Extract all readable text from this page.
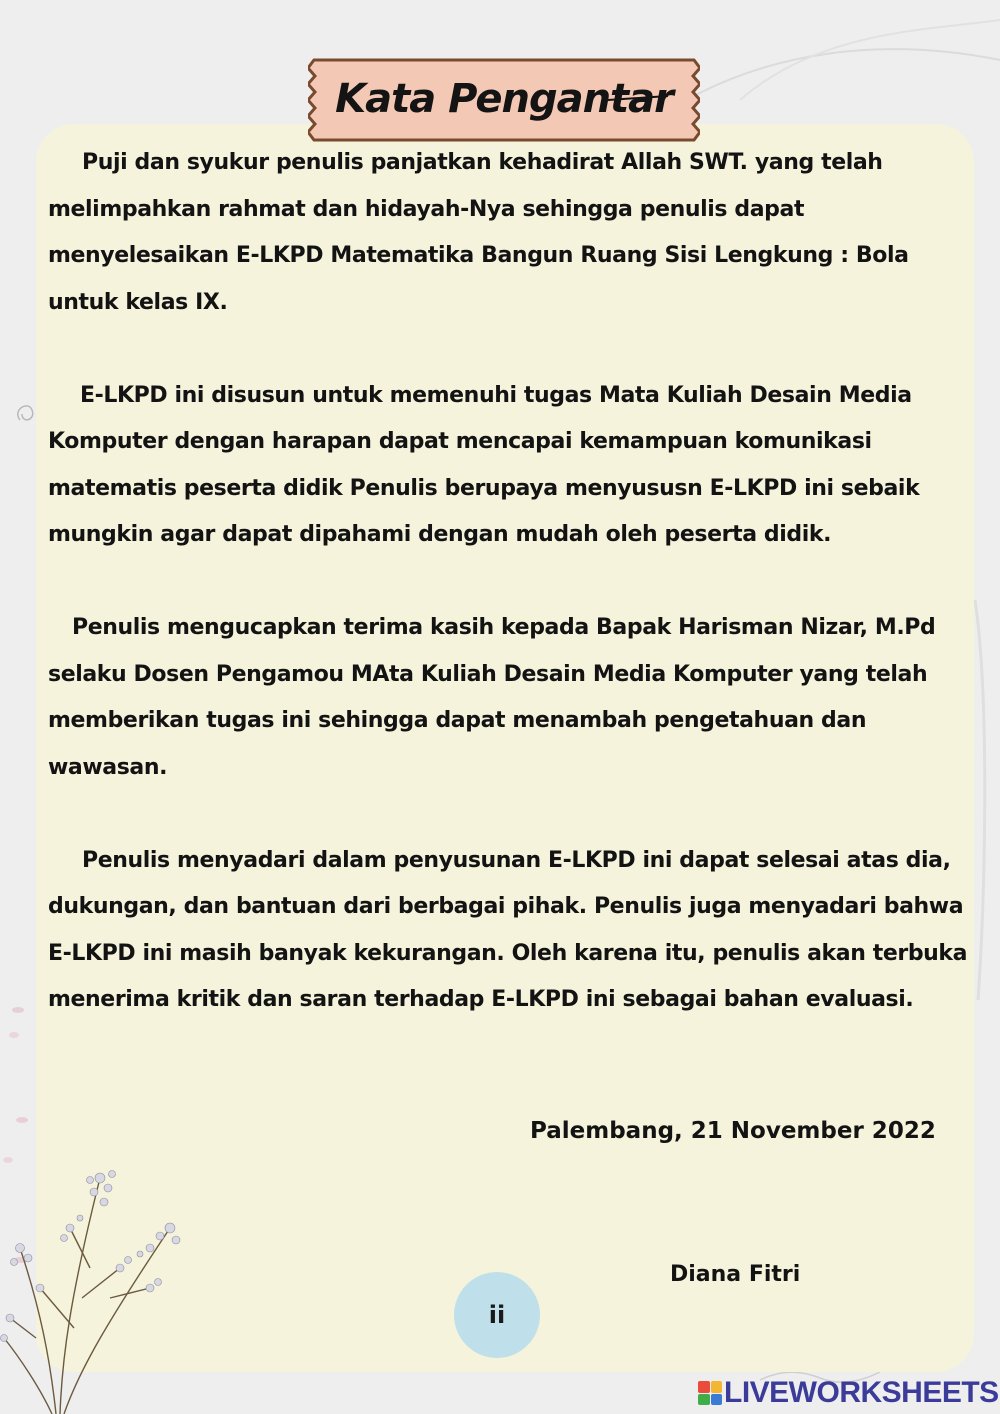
Kata Pengantar

Puji dan syukur penulis panjatkan kehadirat Allah SWT. yang telah melimpahkan rahmat dan hidayah-Nya sehingga penulis dapat menyelesaikan E-LKPD Matematika Bangun Ruang Sisi Lengkung : Bola untuk kelas IX.

E-LKPD ini disusun untuk memenuhi tugas Mata Kuliah Desain Media Komputer dengan harapan dapat mencapai kemampuan komunikasi matematis peserta didik Penulis berupaya menyususn E-LKPD ini sebaik mungkin agar dapat dipahami dengan mudah oleh peserta didik.

Penulis mengucapkan terima kasih kepada Bapak Harisman Nizar, M.Pd selaku Dosen Pengamou MAta Kuliah Desain Media Komputer yang telah memberikan tugas ini sehingga dapat menambah pengetahuan dan wawasan.

Penulis menyadari dalam penyusunan E-LKPD ini dapat selesai atas dia, dukungan, dan bantuan dari berbagai pihak. Penulis juga menyadari bahwa E-LKPD ini masih banyak kekurangan. Oleh karena itu, penulis akan terbuka menerima kritik dan saran terhadap E-LKPD ini sebagai bahan evaluasi.

Palembang, 21 November 2022
Diana Fitri
ii
LIVEWORKSHEETS
